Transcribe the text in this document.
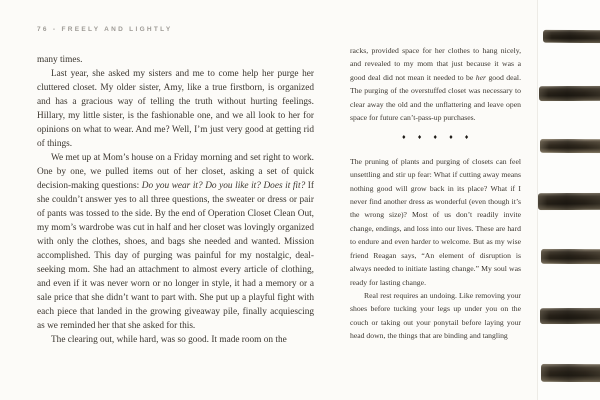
76 - FREELY AND LIGHTLY

many times.

Last year, she asked my sisters and me to come help her purge her cluttered closet. My older sister, Amy, like a true firstborn, is organized and has a gracious way of telling the truth without hurting feelings. Hillary, my little sister, is the fashionable one, and we all look to her for opinions on what to wear. And me? Well, I’m just very good at getting rid of things.

We met up at Mom’s house on a Friday morning and set right to work. One by one, we pulled items out of her closet, asking a set of quick decision-making questions: Do you wear it? Do you like it? Does it fit? If she couldn’t answer yes to all three questions, the sweater or dress or pair of pants was tossed to the side. By the end of Operation Closet Clean Out, my mom’s wardrobe was cut in half and her closet was lovingly organized with only the clothes, shoes, and bags she needed and wanted. Mission accomplished. This day of purging was painful for my nostalgic, deal-seeking mom. She had an attachment to almost every article of clothing, and even if it was never worn or no longer in style, it had a memory or a sale price that she didn’t want to part with. She put up a playful fight with each piece that landed in the growing giveaway pile, finally acquiescing as we reminded her that she asked for this.

The clearing out, while hard, was so good. It made room on the

racks, provided space for her clothes to hang nicely, and revealed to my mom that just because it was a good deal did not mean it needed to be her good deal. The purging of the overstuffed closet was necessary to clear away the old and the unflattering and leave open space for future can’t-pass-up purchases.

♦ ♦ ♦ ♦ ♦

The pruning of plants and purging of closets can feel unsettling and stir up fear: What if cutting away means nothing good will grow back in its place? What if I never find another dress as wonderful (even though it’s the wrong size)? Most of us don’t readily invite change, endings, and loss into our lives. These are hard to endure and even harder to welcome. But as my wise friend Reagan says, “An element of disruption is always needed to initiate lasting change.” My soul was ready for lasting change.

Real rest requires an undoing. Like removing your shoes before tucking your legs up under you on the couch or taking out your ponytail before laying your head down, the things that are binding and tangling
